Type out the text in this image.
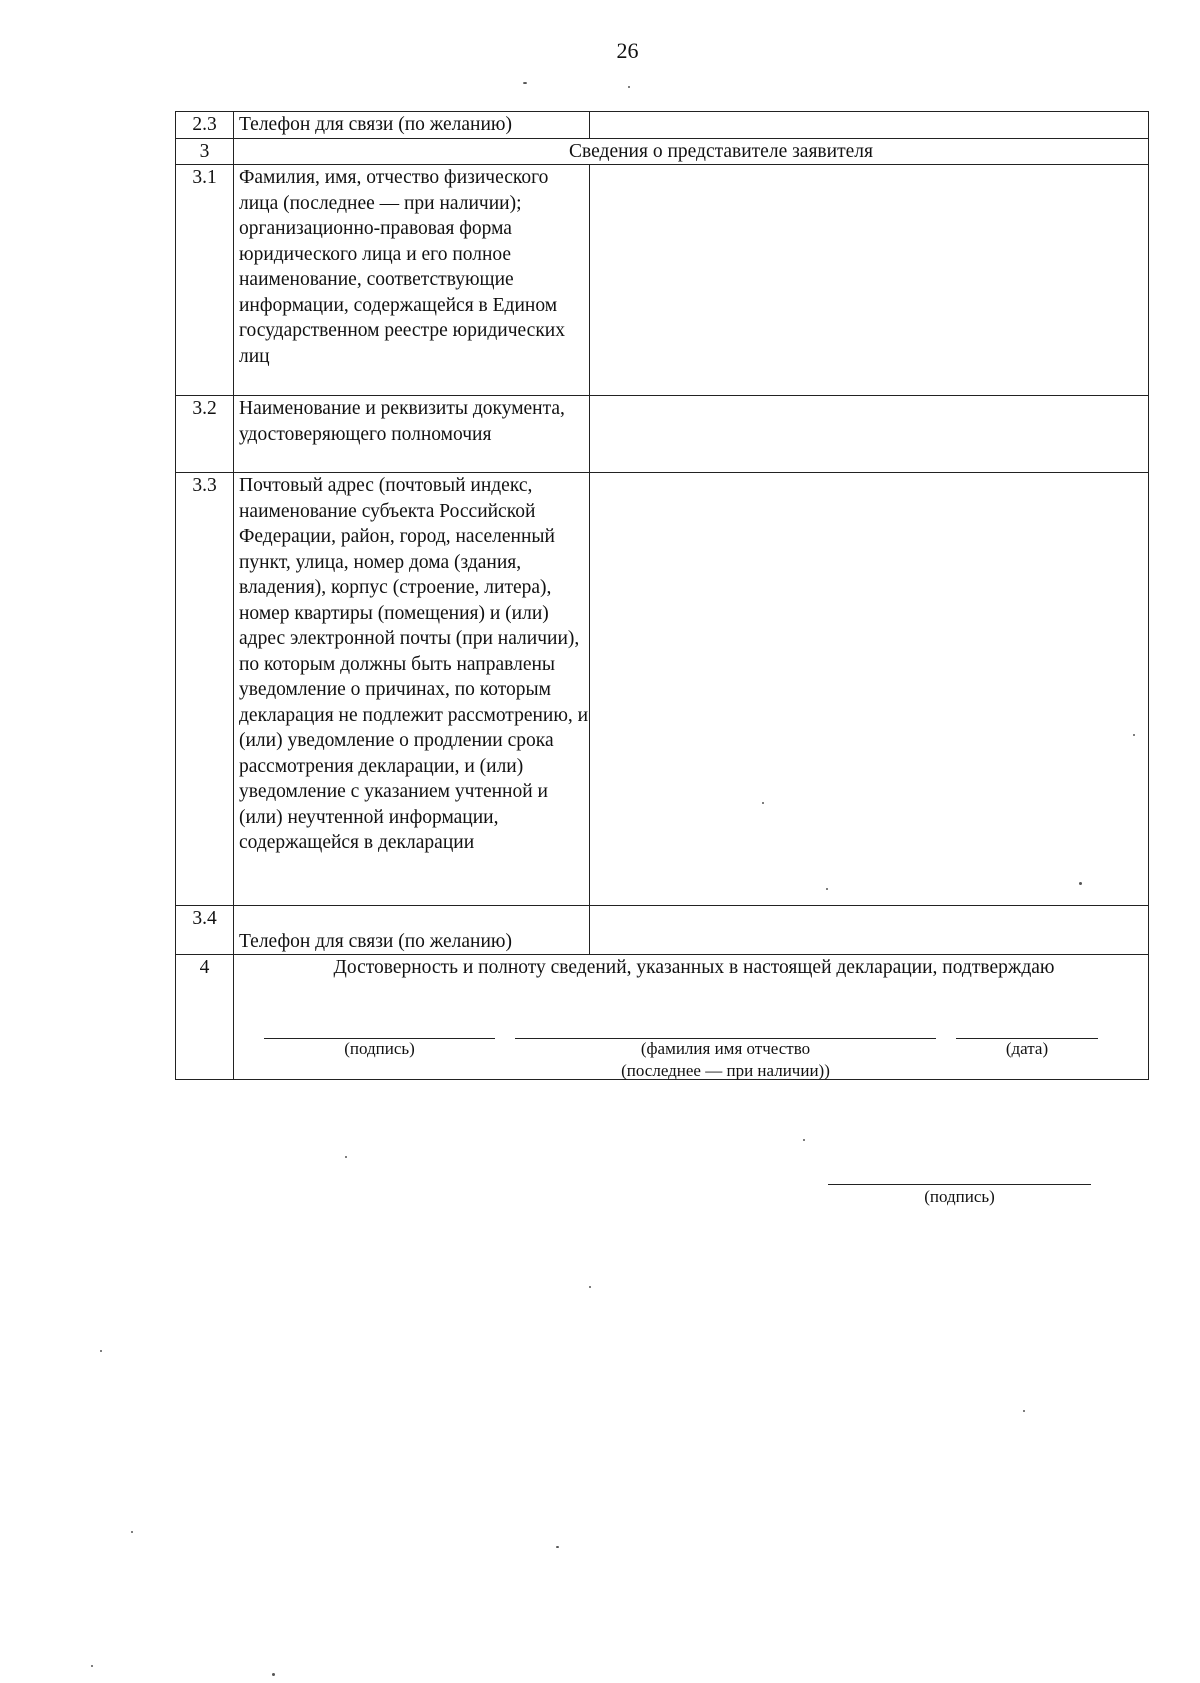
26
2.3	Телефон для связи (по желанию)	
3	Сведения о представителе заявителя	
3.1	Фамилия, имя, отчество физического лица (последнее — при наличии); организационно-правовая форма юридического лица и его полное наименование, соответствующие информации, содержащейся в Едином государственном реестре юридических лиц	
3.2	Наименование и реквизиты документа, удостоверяющего полномочия	
3.3	Почтовый адрес (почтовый индекс, наименование субъекта Российской Федерации, район, город, населенный пункт, улица, номер дома (здания, владения), корпус (строение, литера), номер квартиры (помещения) и (или) адрес электронной почты (при наличии), по которым должны быть направлены уведомление о причинах, по которым декларация не подлежит рассмотрению, и (или) уведомление о продлении срока рассмотрения декларации, и (или) уведомление с указанием учтенной и (или) неучтенной информации, содержащейся в декларации	
3.4	Телефон для связи (по желанию)	
4	Достоверность и полноту сведений, указанных в настоящей декларации, подтверждаю
(подпись) (фамилия имя отчество
(последнее — при наличии))
(дата)	
(подпись)
